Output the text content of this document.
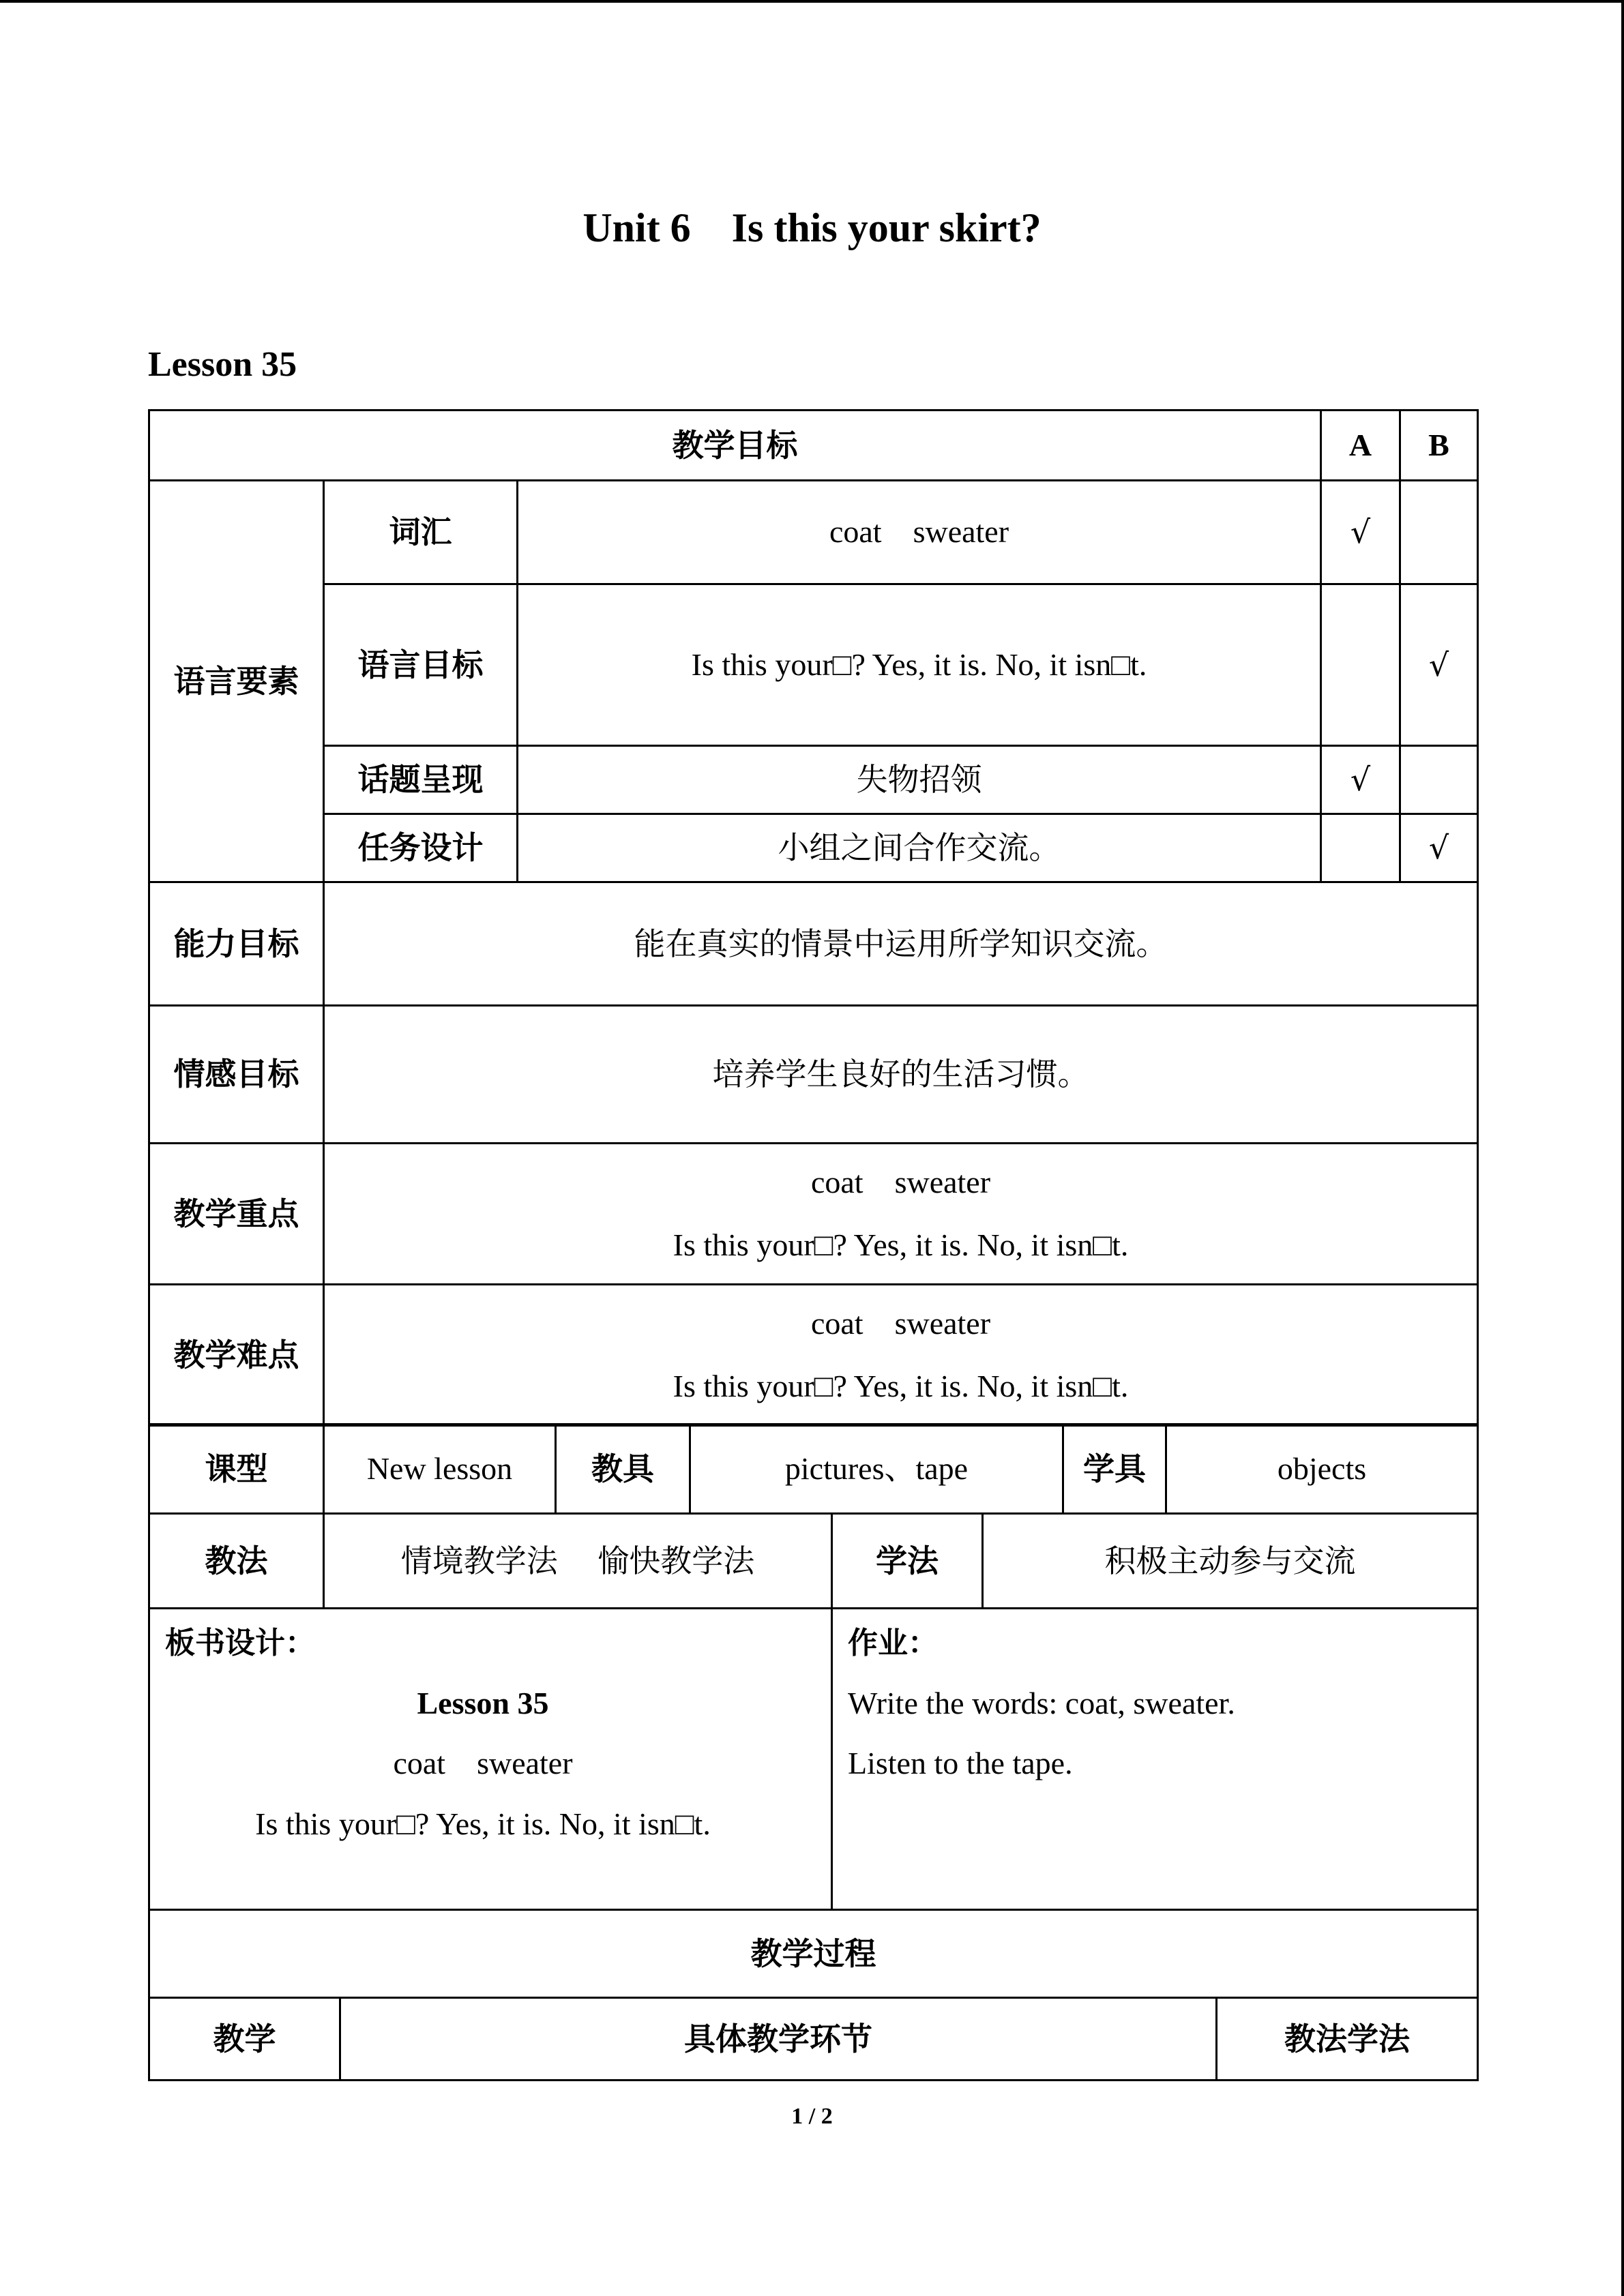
Unit 6    Is this your skirt?
Lesson 35
教学目标			A	B
语言要素	词汇	coat    sweater	√	
	语言目标	Is this your□? Yes, it is. No, it isn□t.		√
	话题呈现	失物招领	√	
	任务设计	小组之间合作交流。		√
能力目标	能在真实的情景中运用所学知识交流。			
情感目标	培养学生良好的生活习惯。			
教学重点	coat    sweater
Is this your□? Yes, it is. No, it isn□t.			

教学难点	coat    sweater
Is this your□? Yes, it is. No, it isn□t.			
课型	New lesson	教具	pictures、tape	学具	objects
教法	情境教学法    愉快教学法	学法	积极主动参与交流
板书设计：
Lesson 35
coat    sweater
Is this your□? Yes, it is. No, it isn□t.

作业：
Write the words: coat, sweater.
Listen to the tape.
教学过程
教学	具体教学环节	教法学法
1 / 2
